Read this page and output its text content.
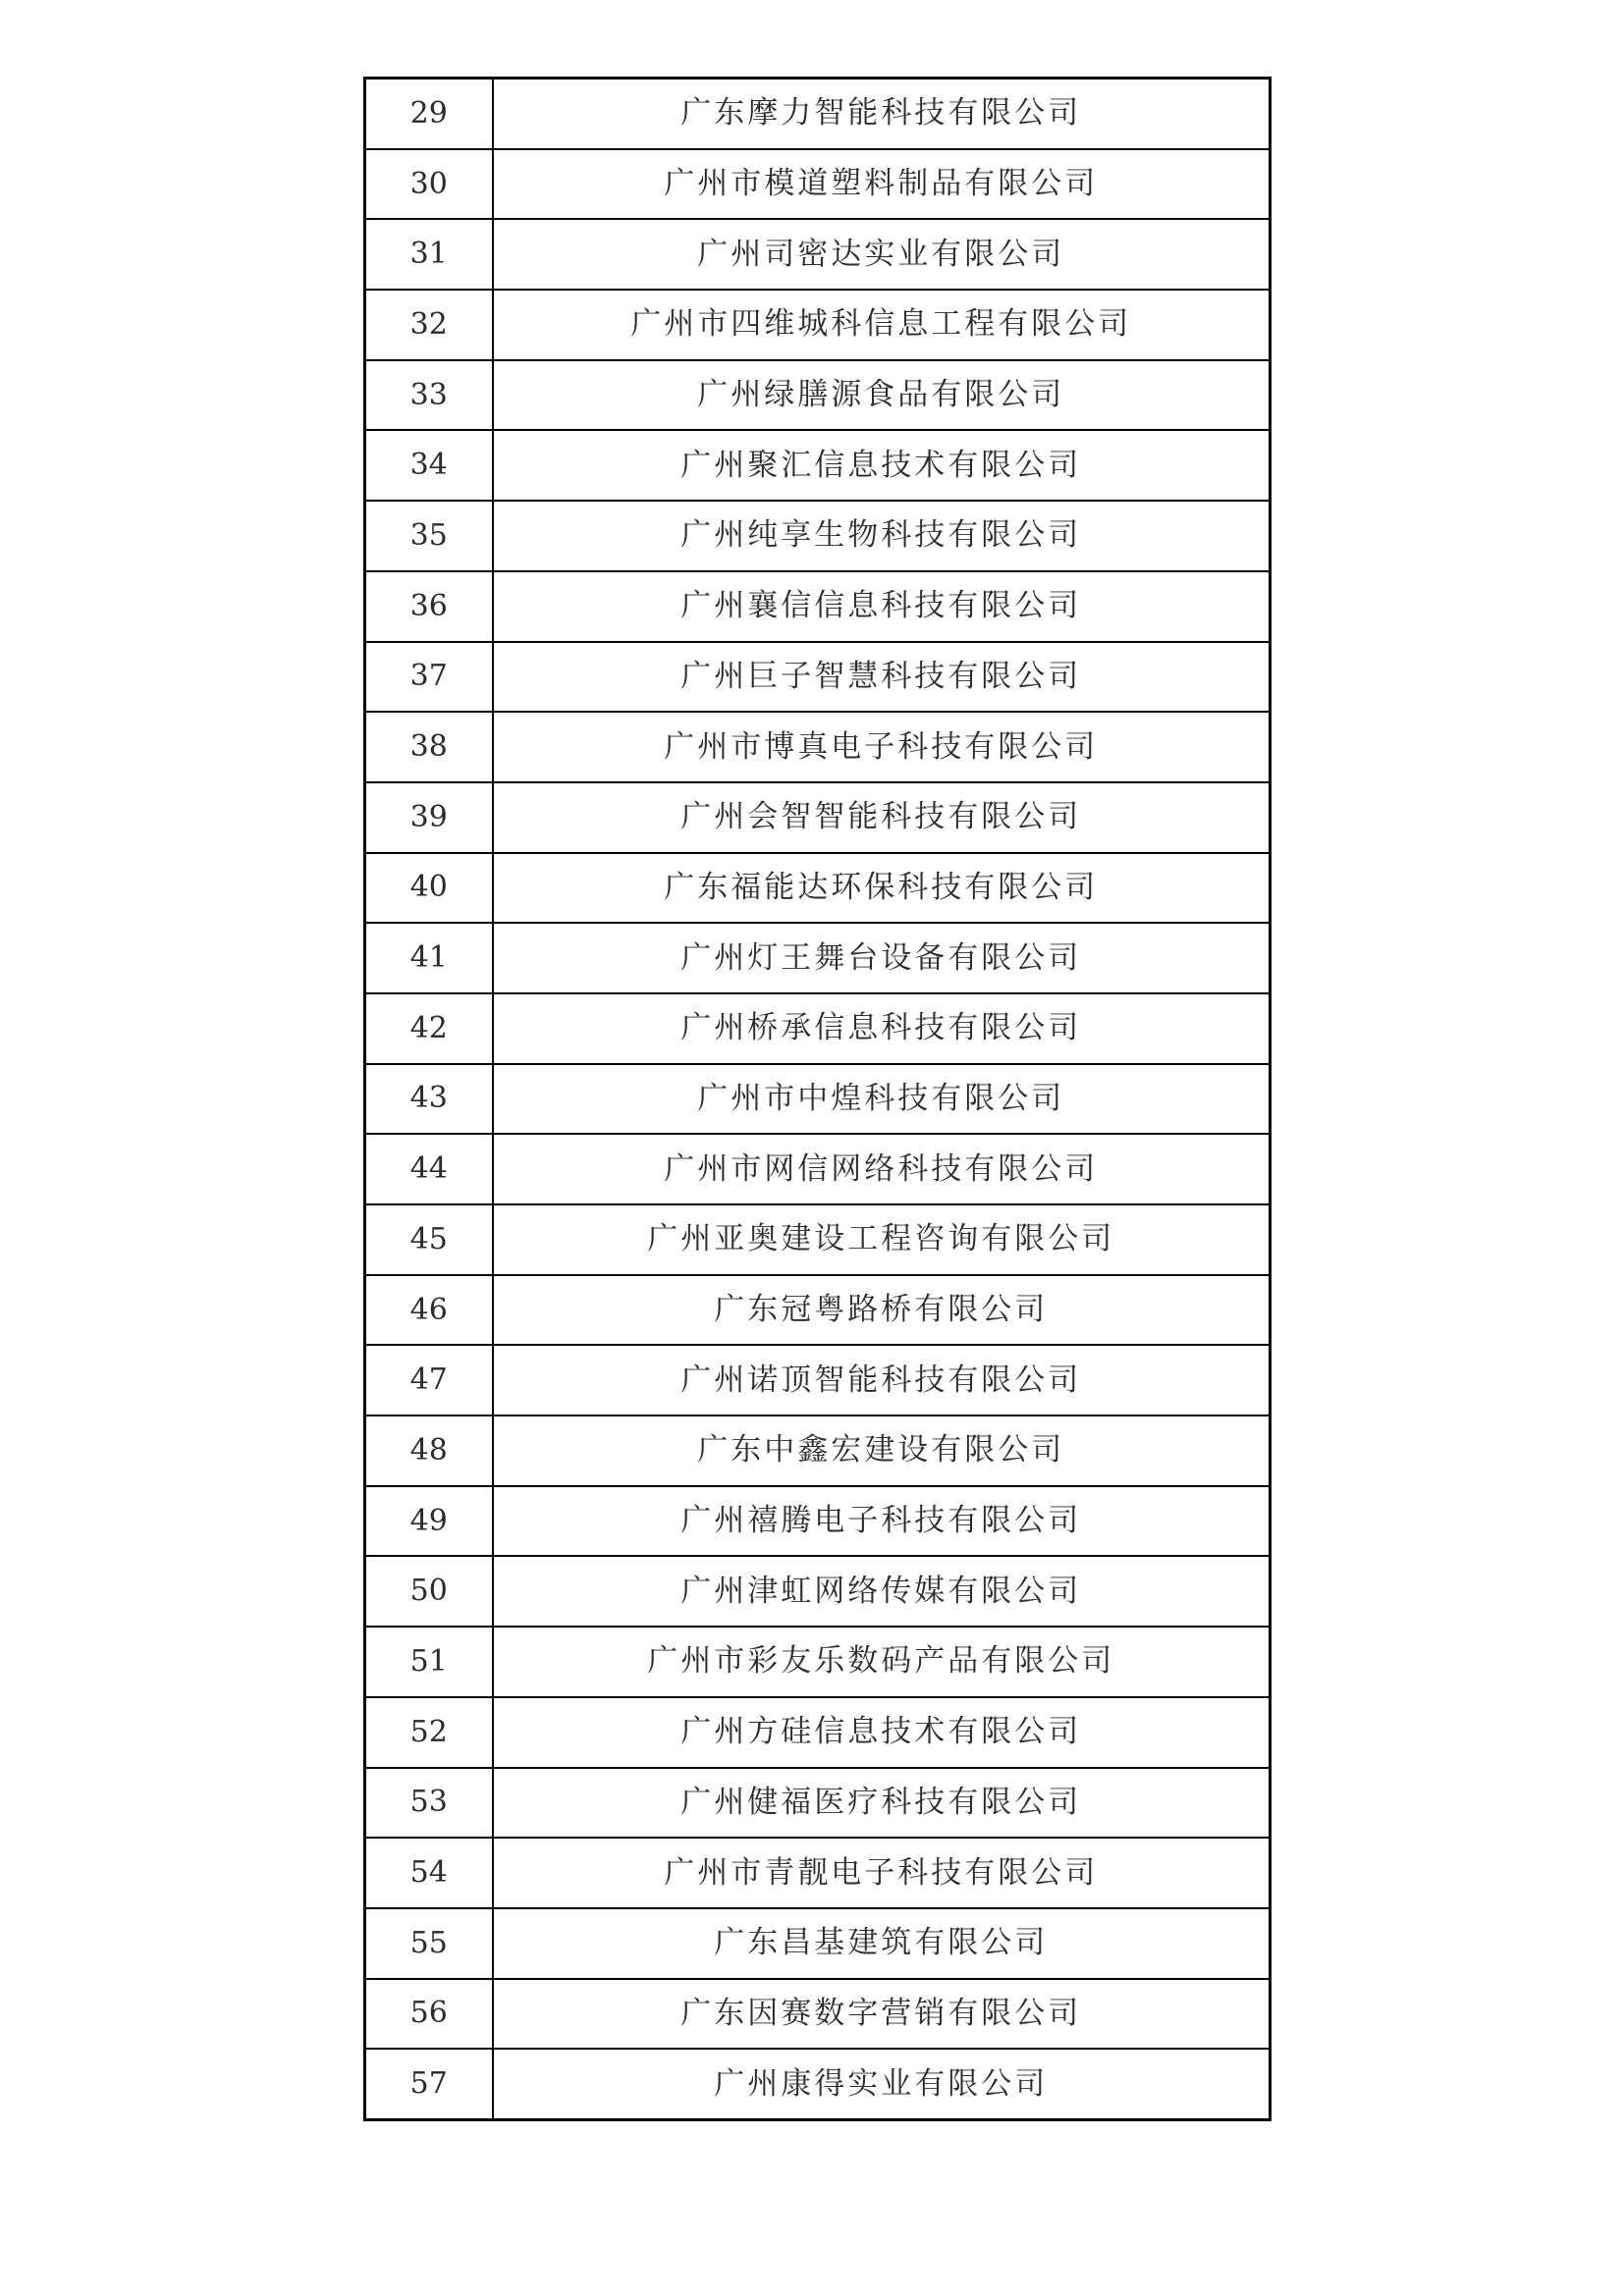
29	广东摩力智能科技有限公司
30	广州市模道塑料制品有限公司
31	广州司密达实业有限公司
32	广州市四维城科信息工程有限公司
33	广州绿膳源食品有限公司
34	广州聚汇信息技术有限公司
35	广州纯享生物科技有限公司
36	广州襄信信息科技有限公司
37	广州巨子智慧科技有限公司
38	广州市博真电子科技有限公司
39	广州会智智能科技有限公司
40	广东福能达环保科技有限公司
41	广州灯王舞台设备有限公司
42	广州桥承信息科技有限公司
43	广州市中煌科技有限公司
44	广州市网信网络科技有限公司
45	广州亚奥建设工程咨询有限公司
46	广东冠粤路桥有限公司
47	广州诺顶智能科技有限公司
48	广东中鑫宏建设有限公司
49	广州禧腾电子科技有限公司
50	广州津虹网络传媒有限公司
51	广州市彩友乐数码产品有限公司
52	广州方硅信息技术有限公司
53	广州健福医疗科技有限公司
54	广州市青靓电子科技有限公司
55	广东昌基建筑有限公司
56	广东因赛数字营销有限公司
57	广州康得实业有限公司
